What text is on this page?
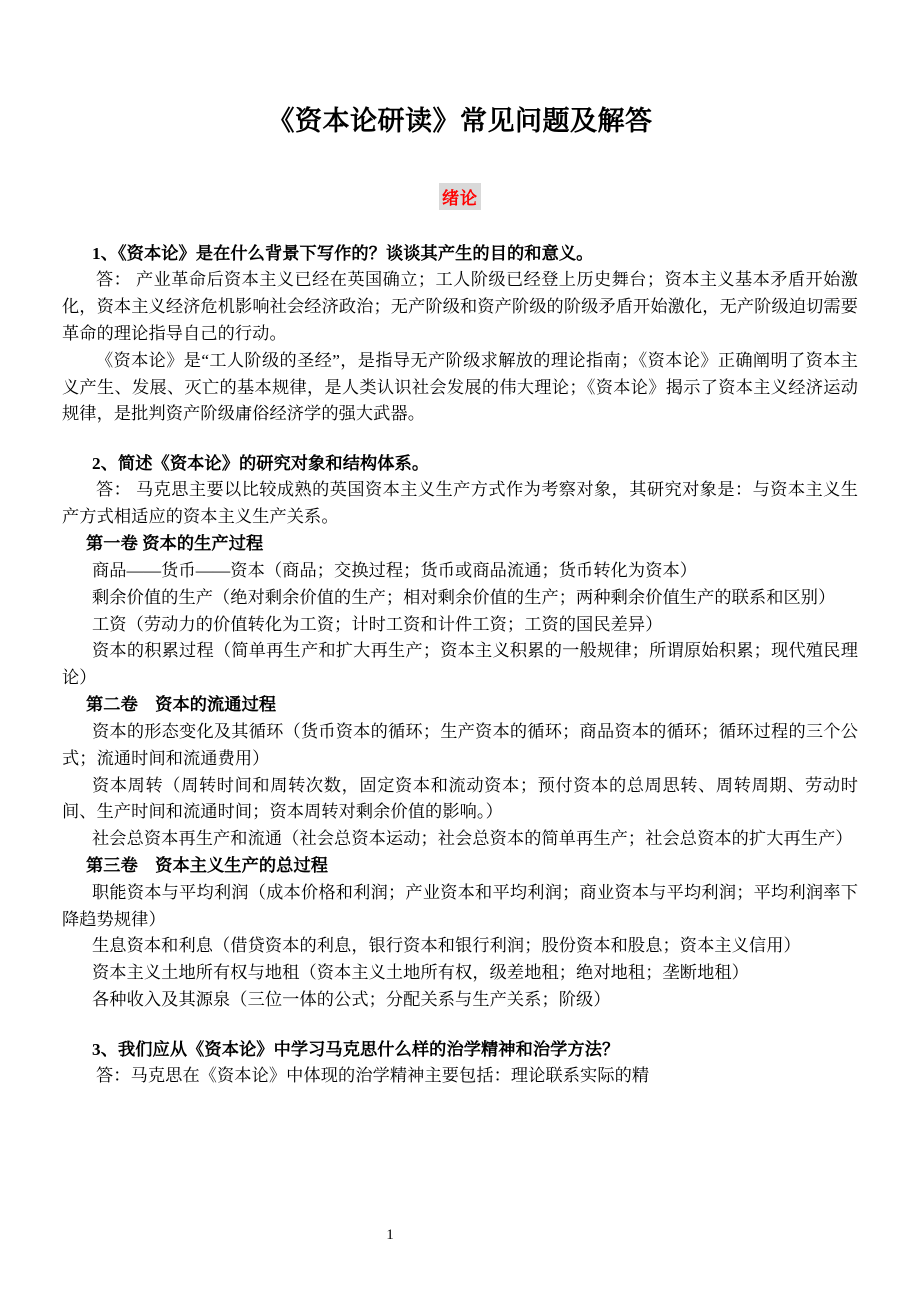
《资本论研读》常见问题及解答
绪论

1、《资本论》是在什么背景下写作的？谈谈其产生的目的和意义。

答： 产业革命后资本主义已经在英国确立；工人阶级已经登上历史舞台；资本主义基本矛盾开始激化，资本主义经济危机影响社会经济政治；无产阶级和资产阶级的阶级矛盾开始激化，无产阶级迫切需要革命的理论指导自己的行动。

《资本论》是“工人阶级的圣经”，是指导无产阶级求解放的理论指南；《资本论》正确阐明了资本主义产生、发展、灭亡的基本规律，是人类认识社会发展的伟大理论；《资本论》揭示了资本主义经济运动规律，是批判资产阶级庸俗经济学的强大武器。

2、简述《资本论》的研究对象和结构体系。

答： 马克思主要以比较成熟的英国资本主义生产方式作为考察对象，其研究对象是：与资本主义生产方式相适应的资本主义生产关系。

第一卷 资本的生产过程

商品——货币——资本（商品；交换过程；货币或商品流通；货币转化为资本）

剩余价值的生产（绝对剩余价值的生产；相对剩余价值的生产；两种剩余价值生产的联系和区别）

工资（劳动力的价值转化为工资；计时工资和计件工资；工资的国民差异）

资本的积累过程（简单再生产和扩大再生产；资本主义积累的一般规律；所谓原始积累；现代殖民理论）

第二卷　资本的流通过程

资本的形态变化及其循环（货币资本的循环；生产资本的循环；商品资本的循环；循环过程的三个公式；流通时间和流通费用）

资本周转（周转时间和周转次数，固定资本和流动资本；预付资本的总周思转、周转周期、劳动时间、生产时间和流通时间；资本周转对剩余价值的影响。）

社会总资本再生产和流通（社会总资本运动；社会总资本的简单再生产；社会总资本的扩大再生产）

第三卷　资本主义生产的总过程

职能资本与平均利润（成本价格和利润；产业资本和平均利润；商业资本与平均利润；平均利润率下降趋势规律）

生息资本和利息（借贷资本的利息，银行资本和银行利润；股份资本和股息；资本主义信用）

资本主义土地所有权与地租（资本主义土地所有权，级差地租；绝对地租；垄断地租）

各种收入及其源泉（三位一体的公式；分配关系与生产关系；阶级）

3、我们应从《资本论》中学习马克思什么样的治学精神和治学方法？

答：马克思在《资本论》中体现的治学精神主要包括：理论联系实际的精

1
